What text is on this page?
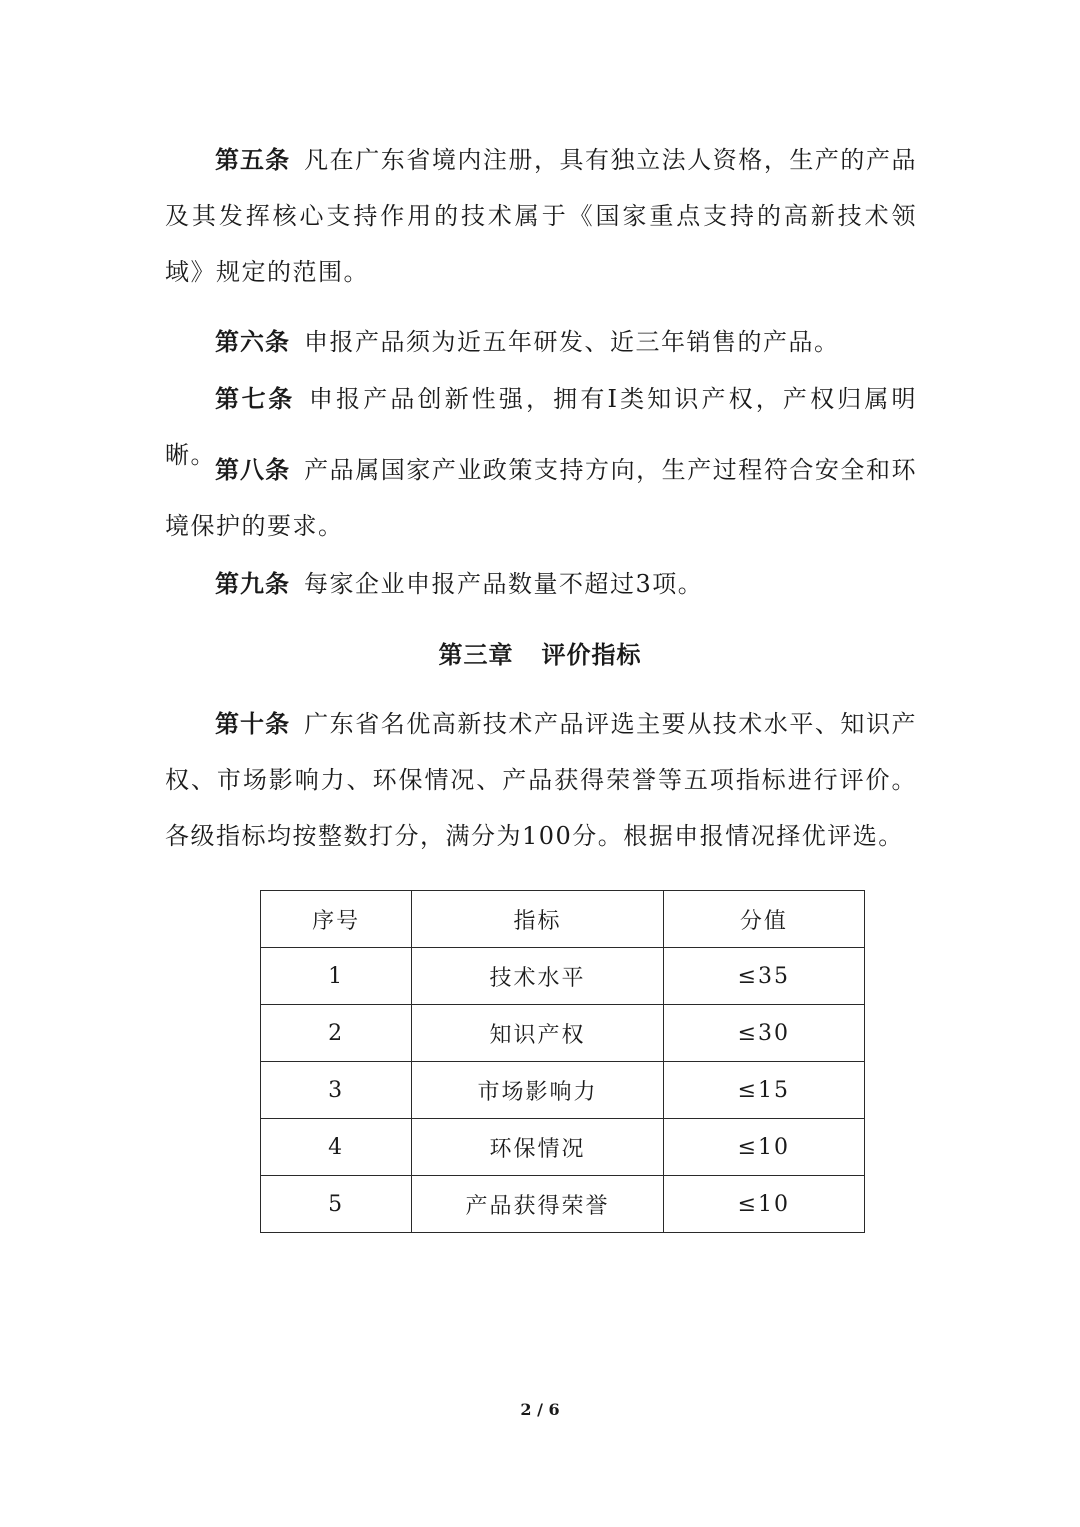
第五条 凡在广东省境内注册，具有独立法人资格，生产的产品及其发挥核心支持作用的技术属于《国家重点支持的高新技术领域》规定的范围。

第六条 申报产品须为近五年研发、近三年销售的产品。

第七条 申报产品创新性强，拥有Ⅰ类知识产权，产权归属明晰。

第八条 产品属国家产业政策支持方向，生产过程符合安全和环境保护的要求。

第九条 每家企业申报产品数量不超过3项。

第三章 评价指标

第十条 广东省名优高新技术产品评选主要从技术水平、知识产权、市场影响力、环保情况、产品获得荣誉等五项指标进行评价。各级指标均按整数打分，满分为100分。根据申报情况择优评选。

序号	指标	分值
1	技术水平	≤35
2	知识产权	≤30
3	市场影响力	≤15
4	环保情况	≤10
5	产品获得荣誉	≤10
2 / 6
